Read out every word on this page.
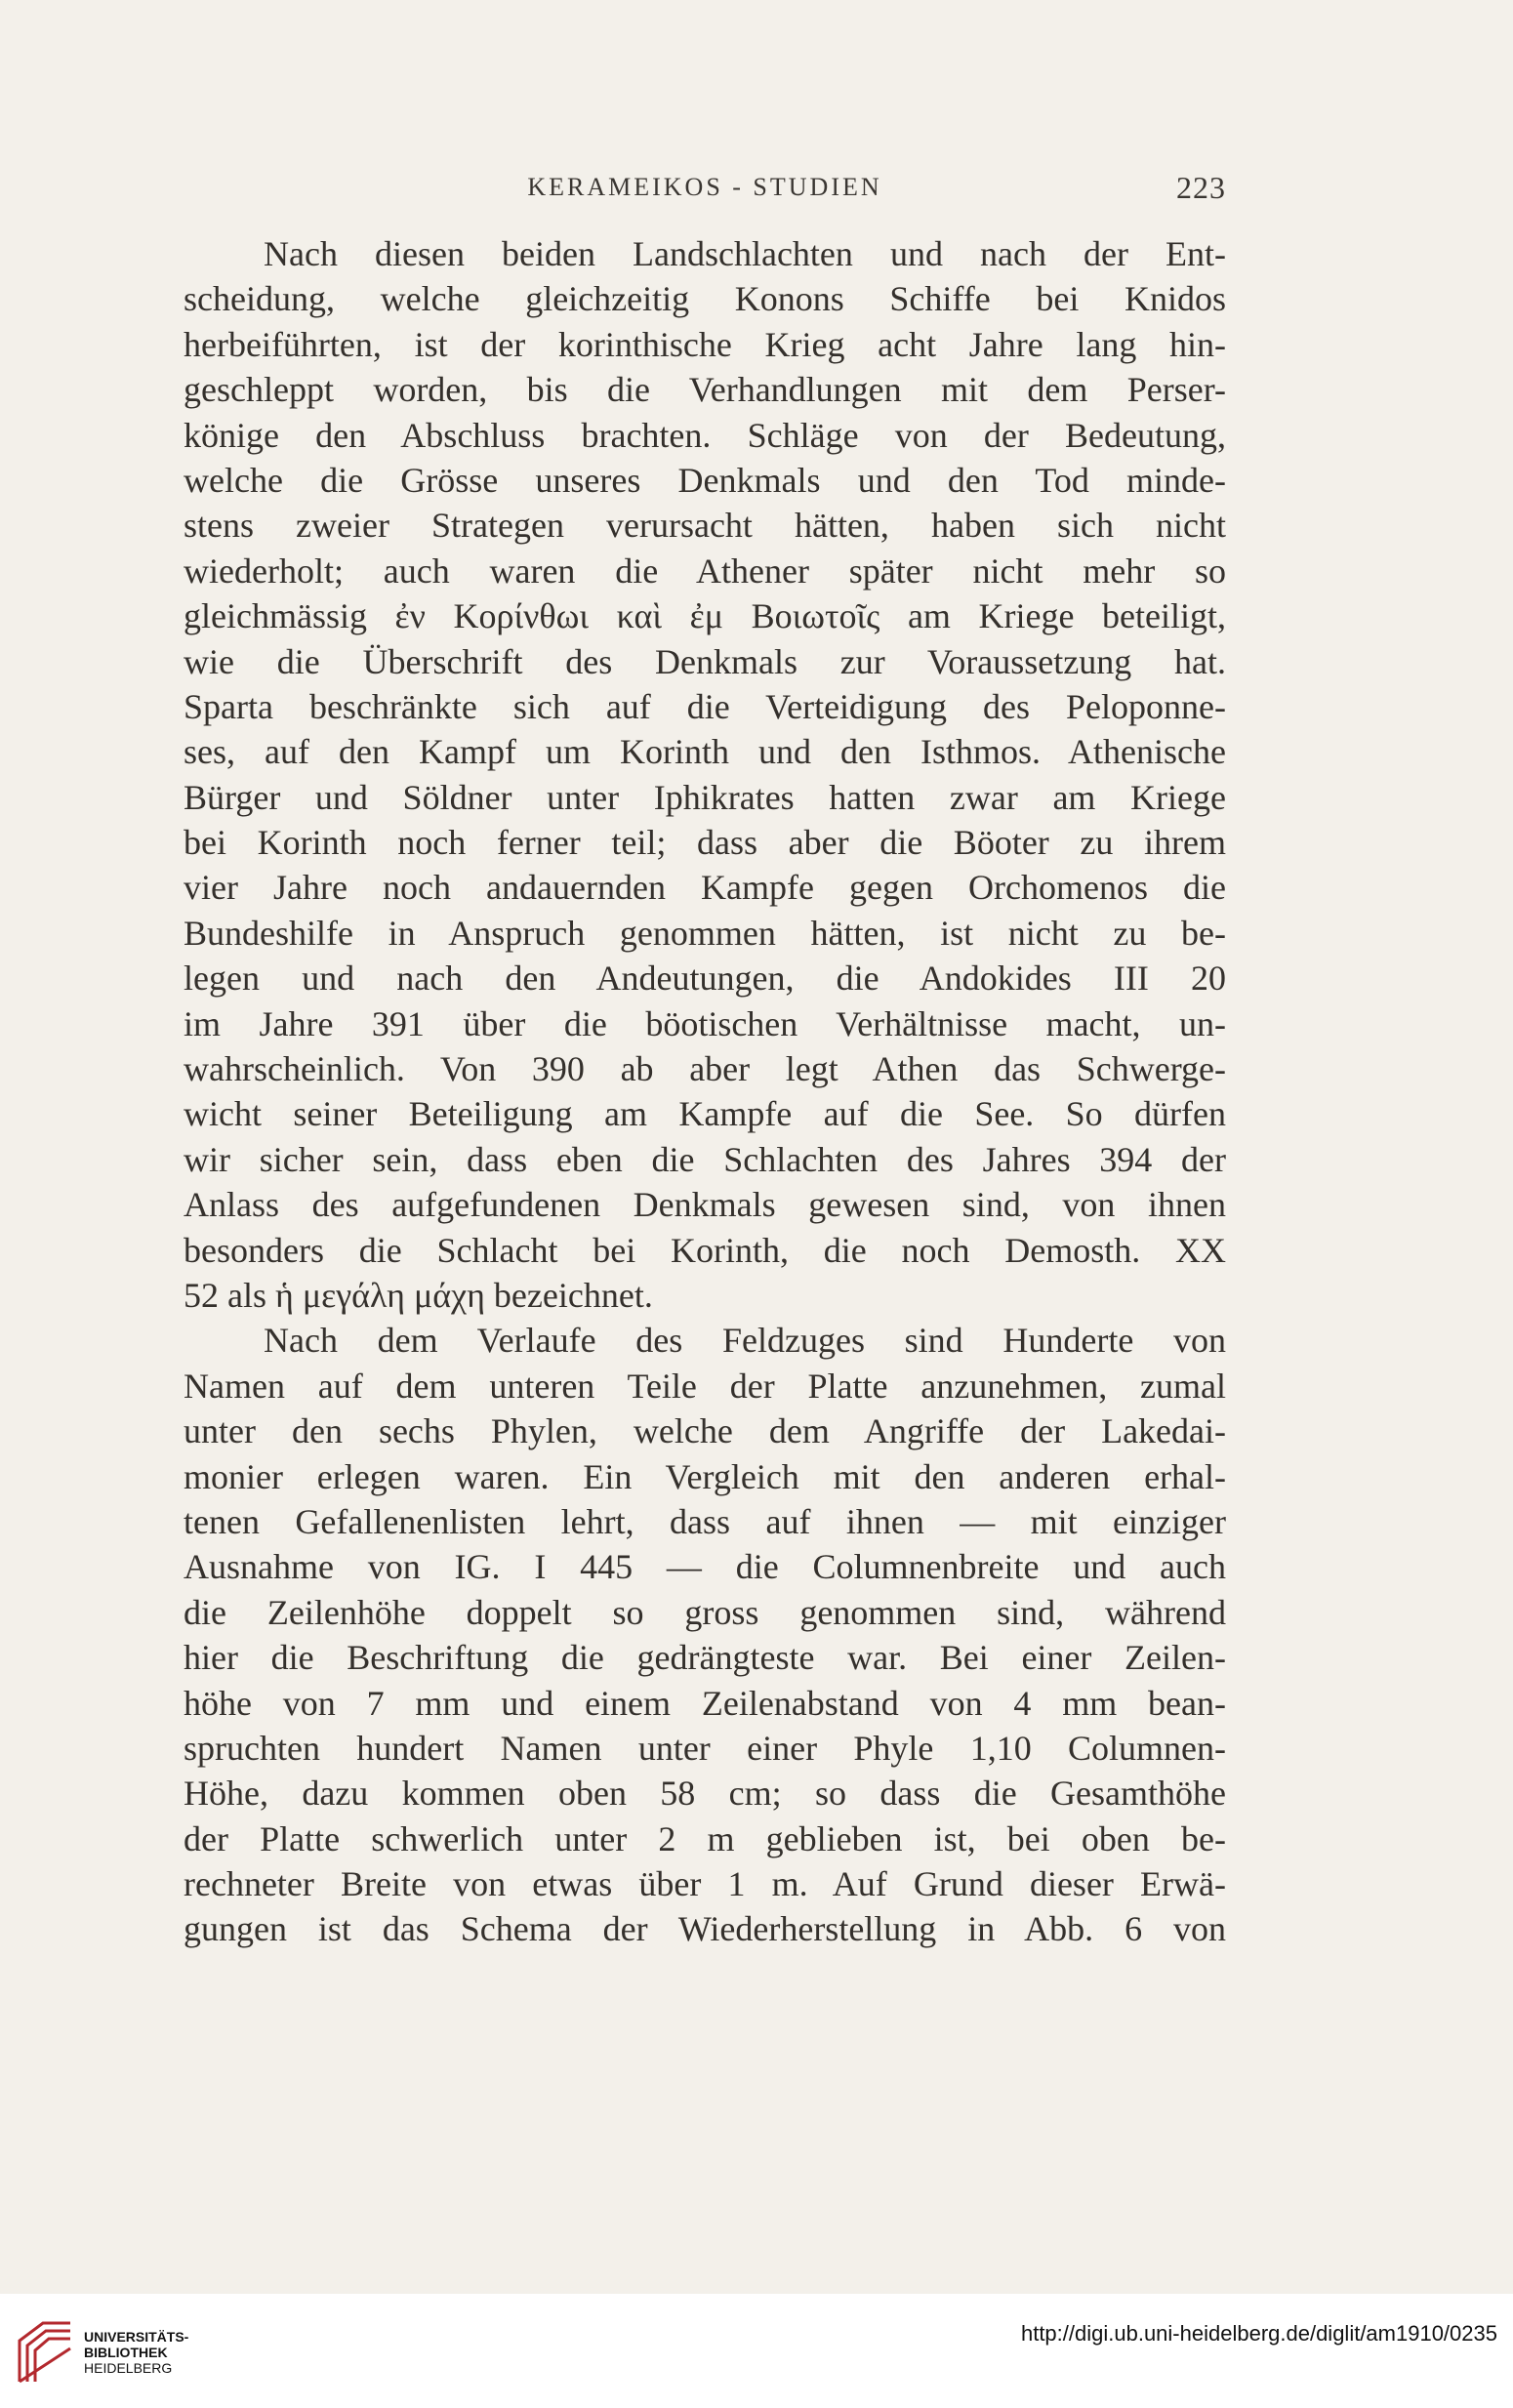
KERAMEIKOS - STUDIEN	223
Nach diesen beiden Landschlachten und nach der Ent-
scheidung, welche gleichzeitig Konons Schiffe bei Knidos
herbeiführten, ist der korinthische Krieg acht Jahre lang hin-
geschleppt worden, bis die Verhandlungen mit dem Perser-
könige den Abschluss brachten. Schläge von der Bedeutung,
welche die Grösse unseres Denkmals und den Tod minde-
stens zweier Strategen verursacht hätten, haben sich nicht
wiederholt; auch waren die Athener später nicht mehr so
gleichmässig ἐν Κορίνθωι καὶ ἐμ Βοιωτοῖς am Kriege beteiligt,
wie die Überschrift des Denkmals zur Voraussetzung hat.
Sparta beschränkte sich auf die Verteidigung des Peloponne-
ses, auf den Kampf um Korinth und den Isthmos. Athenische
Bürger und Söldner unter Iphikrates hatten zwar am Kriege
bei Korinth noch ferner teil; dass aber die Böoter zu ihrem
vier Jahre noch andauernden Kampfe gegen Orchomenos die
Bundeshilfe in Anspruch genommen hätten, ist nicht zu be-
legen und nach den Andeutungen, die Andokides III 20
im Jahre 391 über die böotischen Verhältnisse macht, un-
wahrscheinlich. Von 390 ab aber legt Athen das Schwerge-
wicht seiner Beteiligung am Kampfe auf die See. So dürfen
wir sicher sein, dass eben die Schlachten des Jahres 394 der
Anlass des aufgefundenen Denkmals gewesen sind, von ihnen
besonders die Schlacht bei Korinth, die noch Demosth. XX
52 als ἡ μεγάλη μάχη bezeichnet.
Nach dem Verlaufe des Feldzuges sind Hunderte von
Namen auf dem unteren Teile der Platte anzunehmen, zumal
unter den sechs Phylen, welche dem Angriffe der Lakedai-
monier erlegen waren. Ein Vergleich mit den anderen erhal-
tenen Gefallenenlisten lehrt, dass auf ihnen — mit einziger
Ausnahme von IG. I 445 — die Columnenbreite und auch
die Zeilenhöhe doppelt so gross genommen sind, während
hier die Beschriftung die gedrängteste war. Bei einer Zeilen-
höhe von 7 mm und einem Zeilenabstand von 4 mm bean-
spruchten hundert Namen unter einer Phyle 1,10 Columnen-
Höhe, dazu kommen oben 58 cm; so dass die Gesamthöhe
der Platte schwerlich unter 2 m geblieben ist, bei oben be-
rechneter Breite von etwas über 1 m. Auf Grund dieser Erwä-
gungen ist das Schema der Wiederherstellung in Abb. 6 von
UNIVERSITÄTS-
BIBLIOTHEK
HEIDELBERG
http://digi.ub.uni-heidelberg.de/diglit/am1910/0235
